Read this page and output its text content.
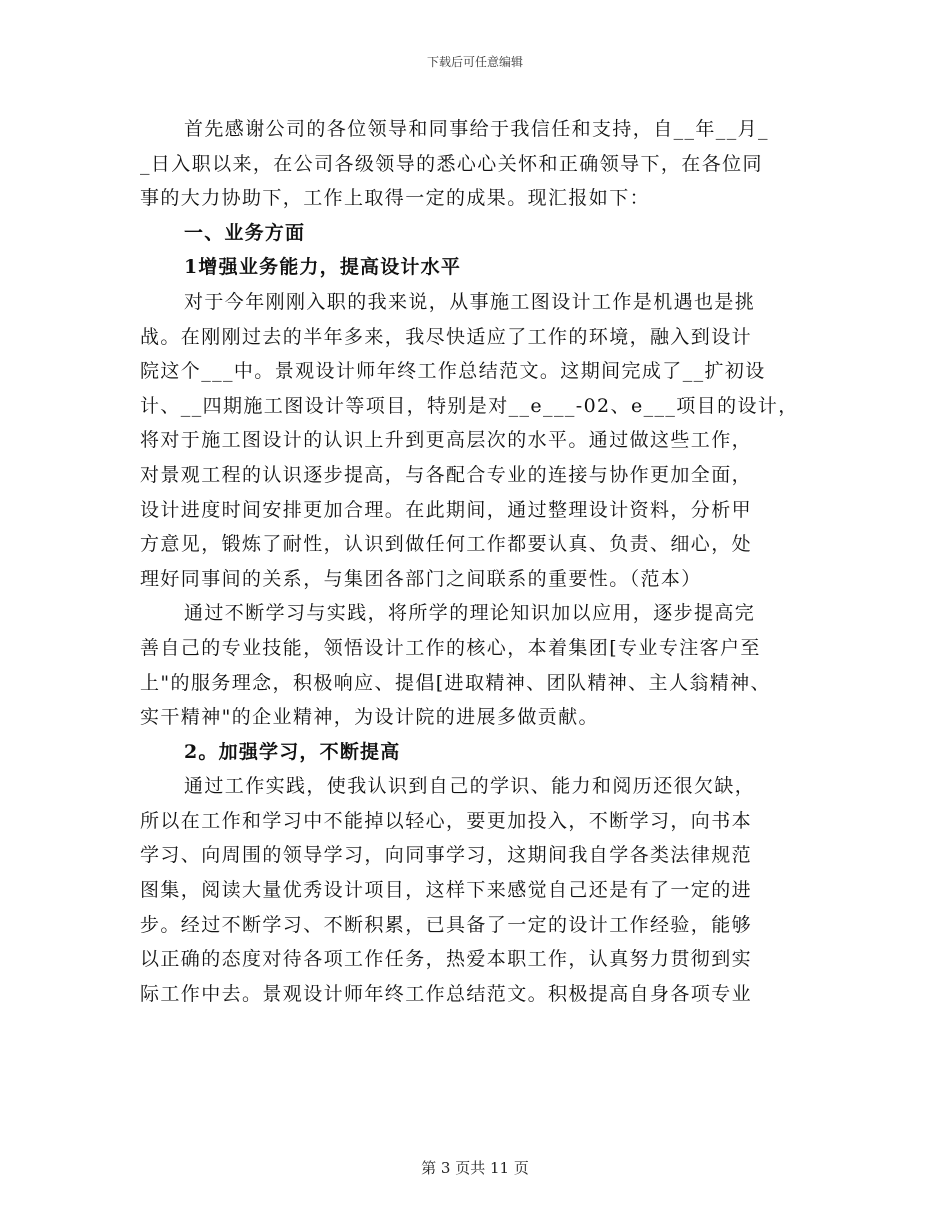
下载后可任意编辑
首先感谢公司的各位领导和同事给于我信任和支持，自__年__月_
_日入职以来，在公司各级领导的悉心心关怀和正确领导下，在各位同
事的大力协助下，工作上取得一定的成果。现汇报如下：
一、业务方面
1增强业务能力，提高设计水平
对于今年刚刚入职的我来说，从事施工图设计工作是机遇也是挑
战。在刚刚过去的半年多来，我尽快适应了工作的环境，融入到设计
院这个___中。景观设计师年终工作总结范文。这期间完成了__扩初设
计、__四期施工图设计等项目，特别是对__e___-02、e___项目的设计，
将对于施工图设计的认识上升到更高层次的水平。通过做这些工作，
对景观工程的认识逐步提高，与各配合专业的连接与协作更加全面，
设计进度时间安排更加合理。在此期间，通过整理设计资料，分析甲
方意见，锻炼了耐性，认识到做任何工作都要认真、负责、细心，处
理好同事间的关系，与集团各部门之间联系的重要性。（范本）
通过不断学习与实践，将所学的理论知识加以应用，逐步提高完
善自己的专业技能，领悟设计工作的核心，本着集团[专业专注客户至
上"的服务理念，积极响应、提倡[进取精神、团队精神、主人翁精神、
实干精神"的企业精神，为设计院的进展多做贡献。
2。加强学习，不断提高
通过工作实践，使我认识到自己的学识、能力和阅历还很欠缺，
所以在工作和学习中不能掉以轻心，要更加投入，不断学习，向书本
学习、向周围的领导学习，向同事学习，这期间我自学各类法律规范
图集，阅读大量优秀设计项目，这样下来感觉自己还是有了一定的进
步。经过不断学习、不断积累，已具备了一定的设计工作经验，能够
以正确的态度对待各项工作任务，热爱本职工作，认真努力贯彻到实
际工作中去。景观设计师年终工作总结范文。积极提高自身各项专业
第 3 页共 11 页
